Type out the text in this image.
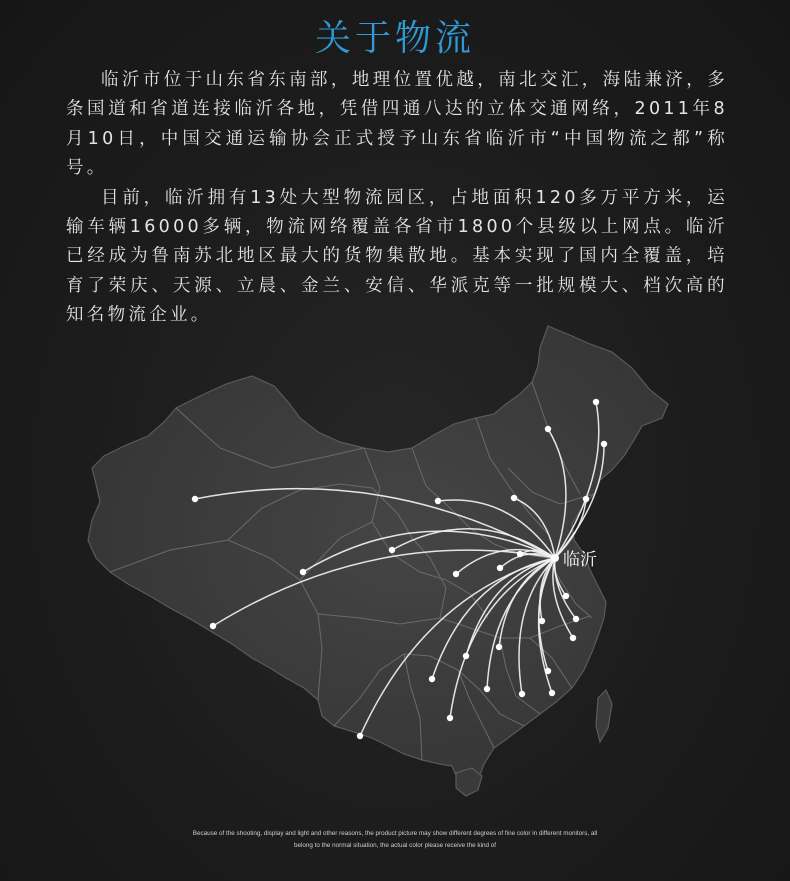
关于物流

临沂市位于山东省东南部，地理位置优越，南北交汇，海陆兼济，多条国道和省道连接临沂各地，凭借四通八达的立体交通网络，2011年8月10日，中国交通运输协会正式授予山东省临沂市“中国物流之都”称号。

目前，临沂拥有13处大型物流园区，占地面积120多万平方米，运输车辆16000多辆，物流网络覆盖各省市1800个县级以上网点。临沂已经成为鲁南苏北地区最大的货物集散地。基本实现了国内全覆盖，培育了荣庆、天源、立晨、金兰、安信、华派克等一批规模大、档次高的知名物流企业。

临沂
Because of the shooting, display and light and other reasons, the product picture may show different degrees of fine color in different monitors, all
belong to the normal situation, the actual color please receive the kind of
